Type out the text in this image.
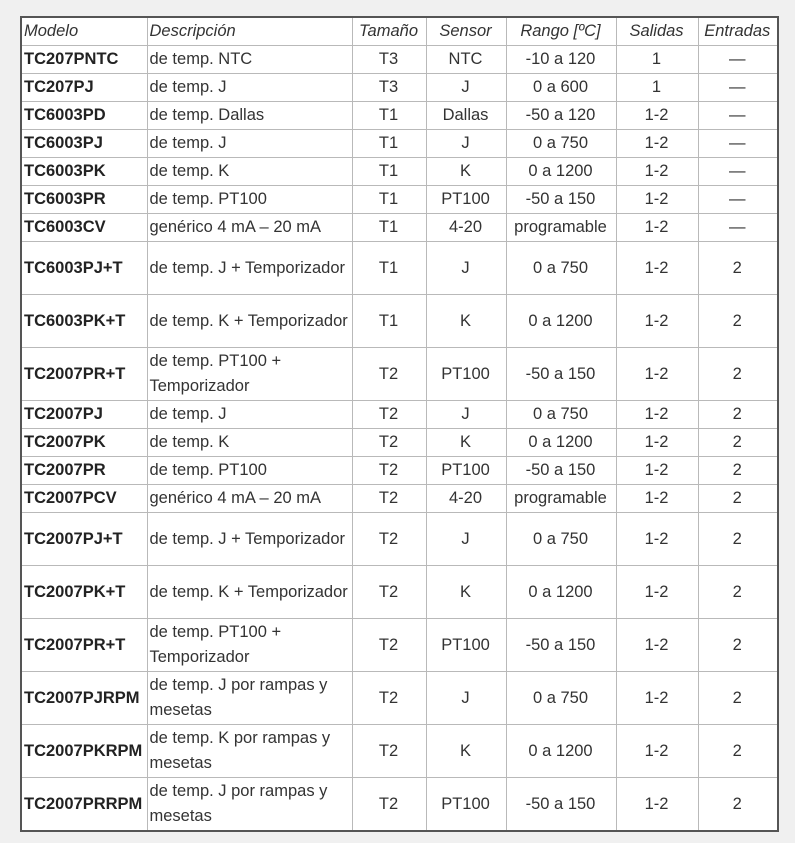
Modelo	Descripción	Tamaño	Sensor	Rango [ºC]	Salidas	Entradas
TC207PNTC	de temp. NTC	T3	NTC	-10 a 120	1	—
TC207PJ	de temp. J	T3	J	0 a 600	1	—
TC6003PD	de temp. Dallas	T1	Dallas	-50 a 120	1-2	—
TC6003PJ	de temp. J	T1	J	0 a 750	1-2	—
TC6003PK	de temp. K	T1	K	0 a 1200	1-2	—
TC6003PR	de temp. PT100	T1	PT100	-50 a 150	1-2	—
TC6003CV	genérico 4 mA – 20 mA	T1	4-20	programable	1-2	—
TC6003PJ+T	de temp. J + Temporizador	T1	J	0 a 750	1-2	2
TC6003PK+T	de temp. K + Temporizador	T1	K	0 a 1200	1-2	2
TC2007PR+T	de temp. PT100 + Temporizador	T2	PT100	-50 a 150	1-2	2
TC2007PJ	de temp. J	T2	J	0 a 750	1-2	2
TC2007PK	de temp. K	T2	K	0 a 1200	1-2	2
TC2007PR	de temp. PT100	T2	PT100	-50 a 150	1-2	2
TC2007PCV	genérico 4 mA – 20 mA	T2	4-20	programable	1-2	2
TC2007PJ+T	de temp. J + Temporizador	T2	J	0 a 750	1-2	2
TC2007PK+T	de temp. K + Temporizador	T2	K	0 a 1200	1-2	2
TC2007PR+T	de temp. PT100 + Temporizador	T2	PT100	-50 a 150	1-2	2
TC2007PJRPM	de temp. J por rampas y mesetas	T2	J	0 a 750	1-2	2
TC2007PKRPM	de temp. K por rampas y mesetas	T2	K	0 a 1200	1-2	2
TC2007PRRPM	de temp. J por rampas y mesetas	T2	PT100	-50 a 150	1-2	2
